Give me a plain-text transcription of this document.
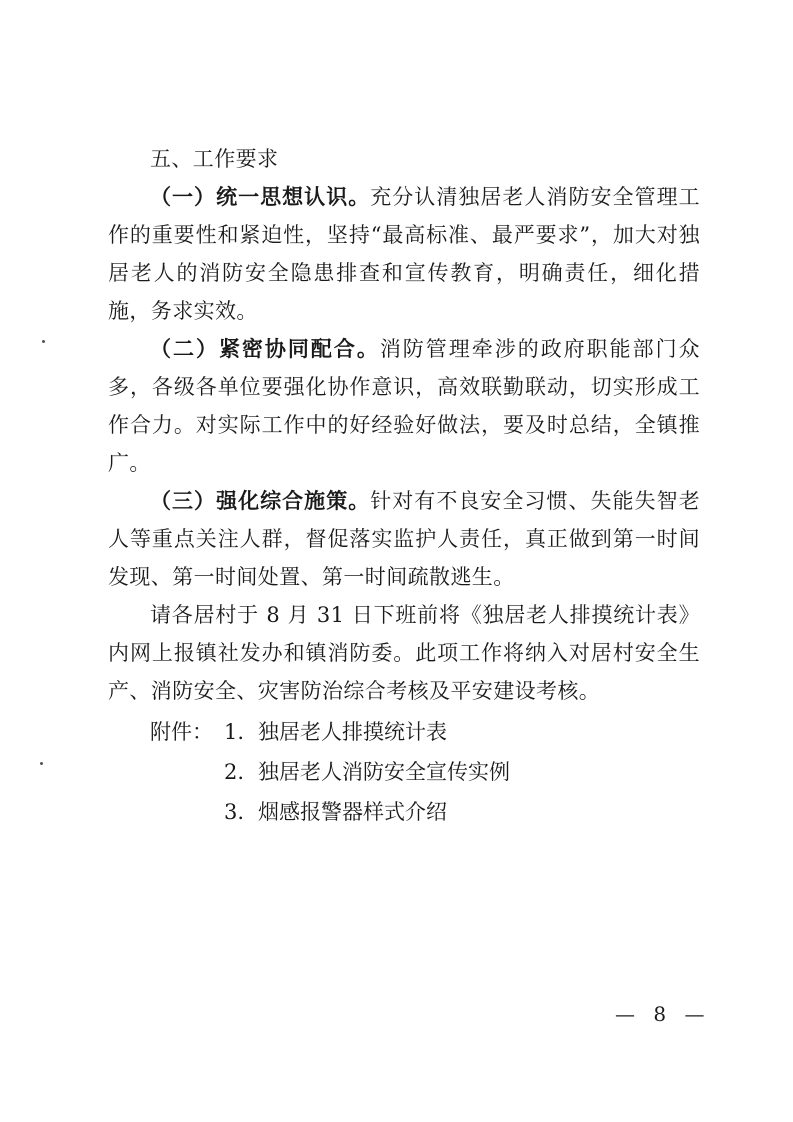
五、工作要求

（一）统一思想认识。充分认清独居老人消防安全管理工作的重要性和紧迫性，坚持“最高标准、最严要求”，加大对独居老人的消防安全隐患排查和宣传教育，明确责任，细化措施，务求实效。

（二）紧密协同配合。消防管理牵涉的政府职能部门众多，各级各单位要强化协作意识，高效联勤联动，切实形成工作合力。对实际工作中的好经验好做法，要及时总结，全镇推广。

（三）强化综合施策。针对有不良安全习惯、失能失智老人等重点关注人群，督促落实监护人责任，真正做到第一时间发现、第一时间处置、第一时间疏散逃生。

请各居村于 8 月 31 日下班前将《独居老人排摸统计表》内网上报镇社发办和镇消防委。此项工作将纳入对居村安全生产、消防安全、灾害防治综合考核及平安建设考核。

附件： 1. 独居老人排摸统计表
2. 独居老人消防安全宣传实例
3. 烟感报警器样式介绍
— 8 —
